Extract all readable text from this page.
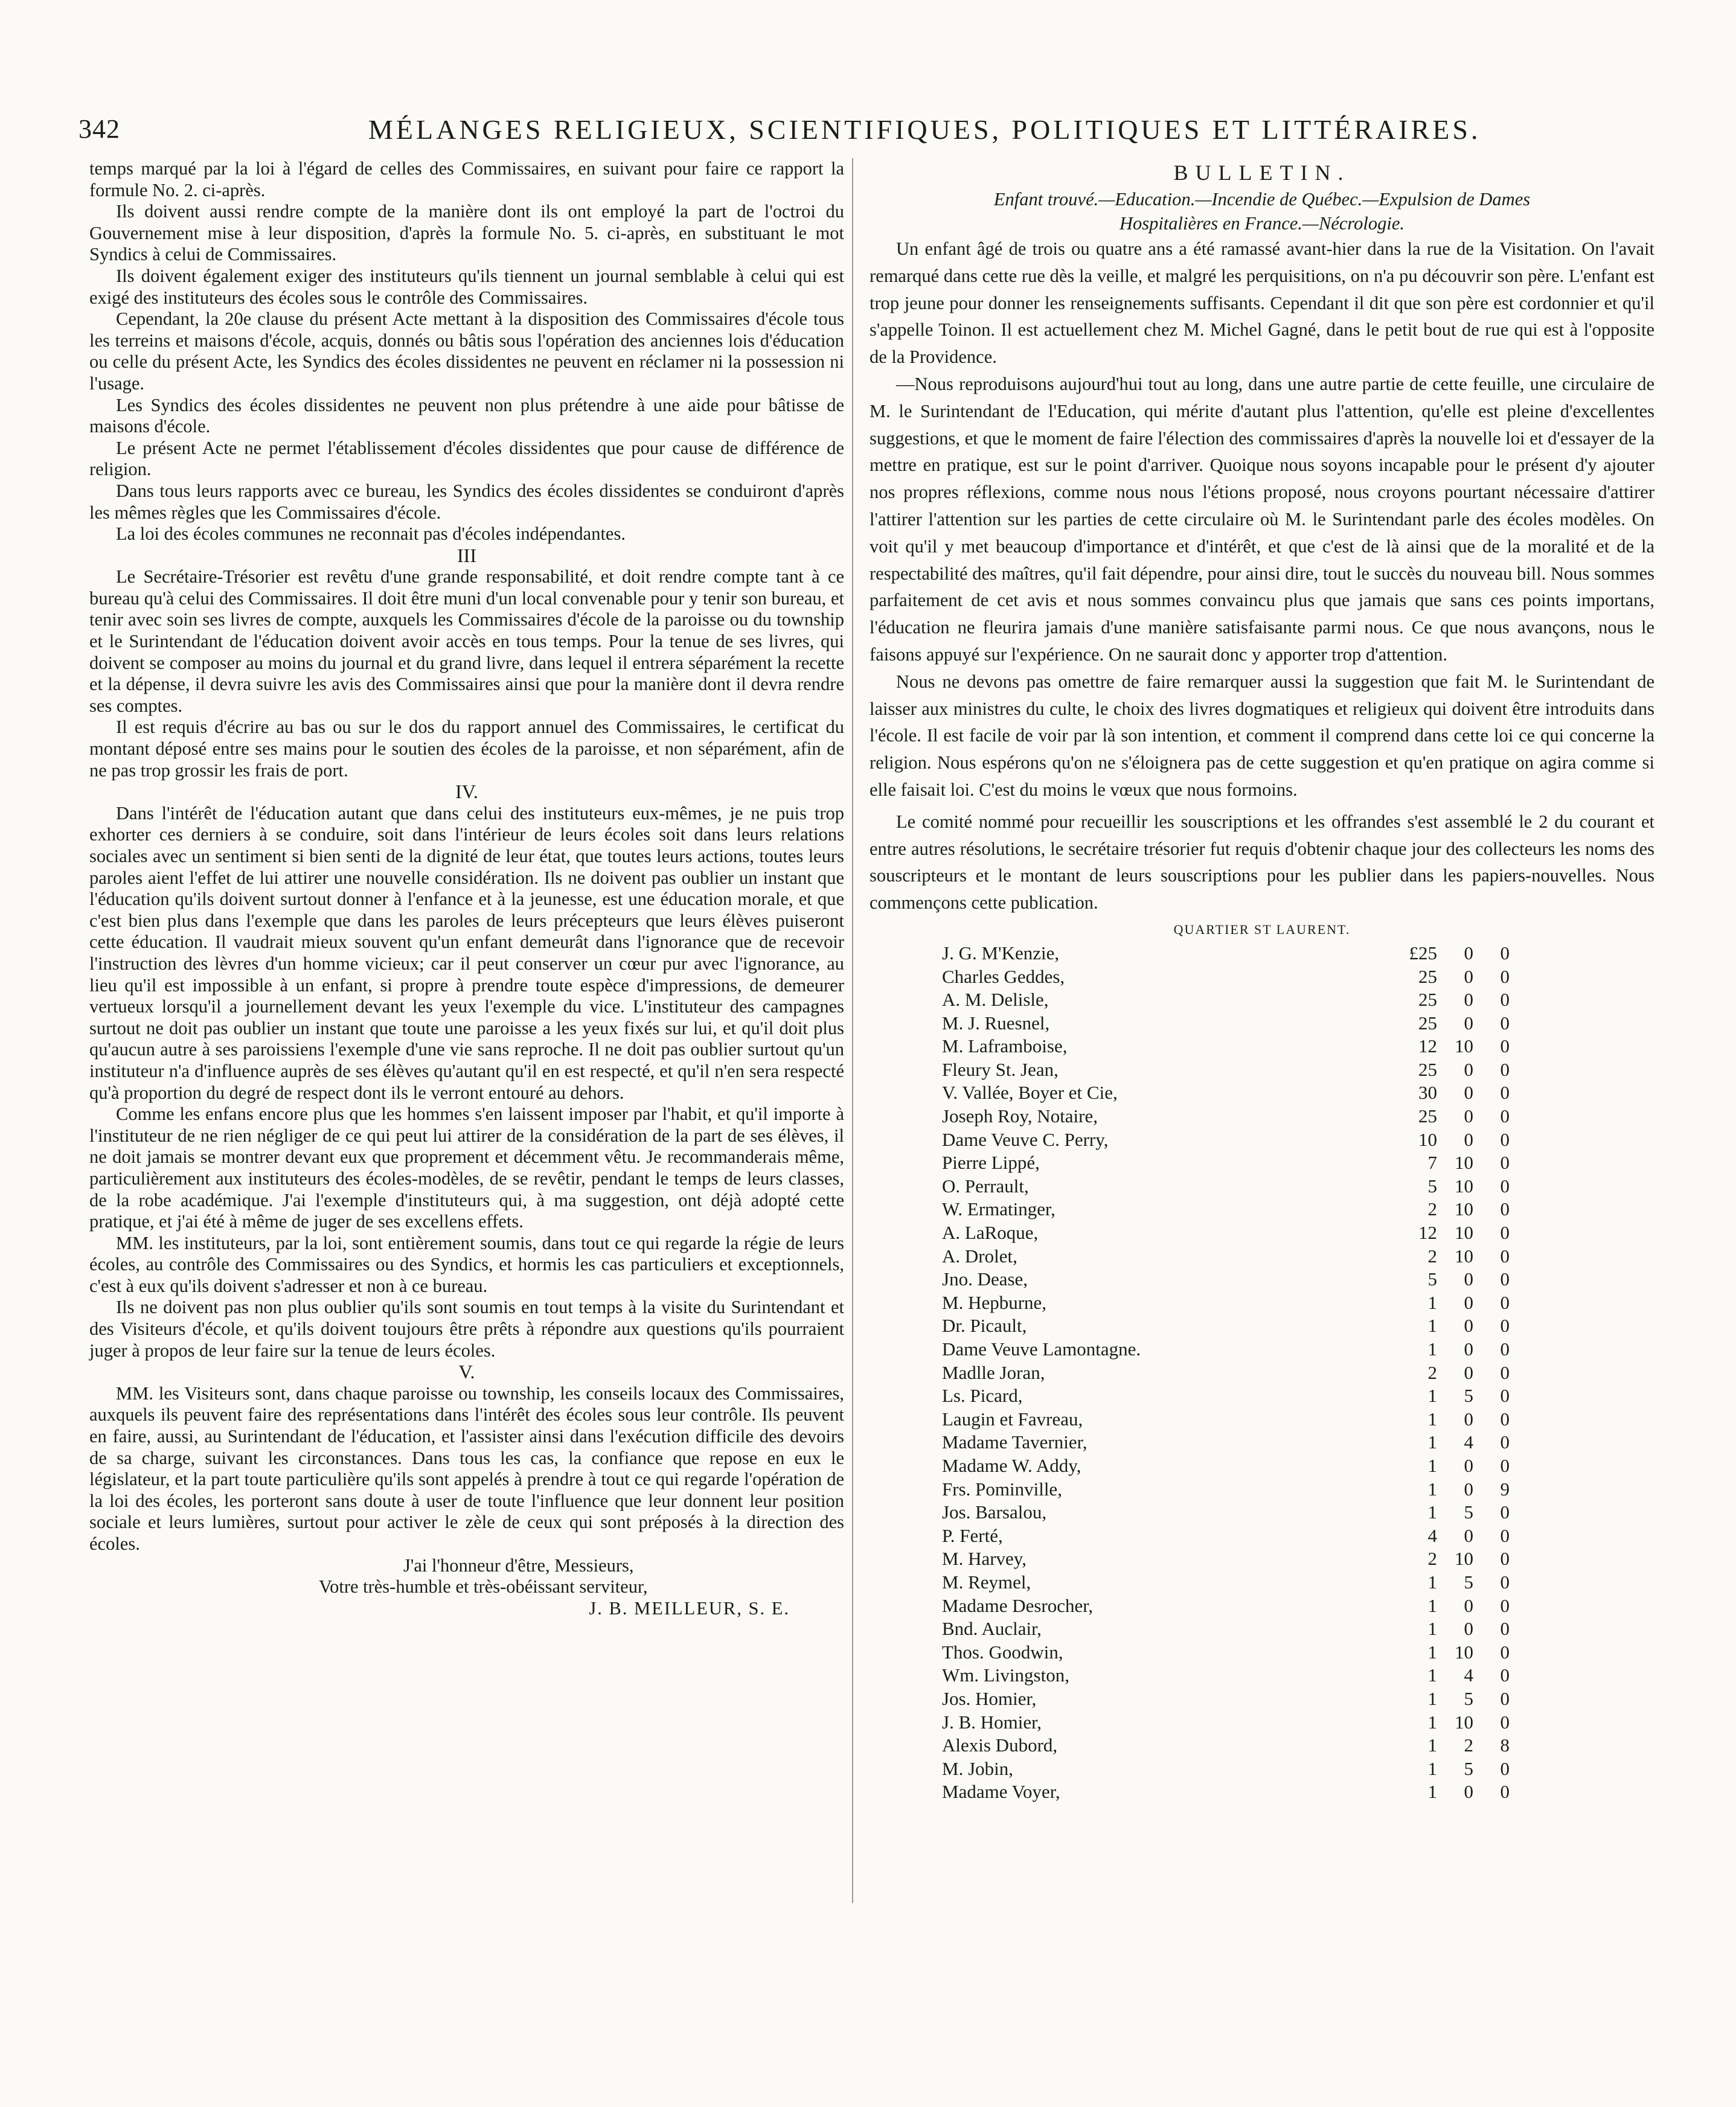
342	MÉLANGES RELIGIEUX, SCIENTIFIQUES, POLITIQUES ET LITTÉRAIRES.

temps marqué par la loi à l'égard de celles des Commissaires, en suivant pour faire ce rapport la formule No. 2. ci-après.

Ils doivent aussi rendre compte de la manière dont ils ont employé la part de l'octroi du Gouvernement mise à leur disposition, d'après la formule No. 5. ci-après, en substituant le mot Syndics à celui de Commissaires.

Ils doivent également exiger des instituteurs qu'ils tiennent un journal semblable à celui qui est exigé des instituteurs des écoles sous le contrôle des Commissaires.

Cependant, la 20e clause du présent Acte mettant à la disposition des Commissaires d'école tous les terreins et maisons d'école, acquis, donnés ou bâtis sous l'opération des anciennes lois d'éducation ou celle du présent Acte, les Syndics des écoles dissidentes ne peuvent en réclamer ni la possession ni l'usage.

Les Syndics des écoles dissidentes ne peuvent non plus prétendre à une aide pour bâtisse de maisons d'école.

Le présent Acte ne permet l'établissement d'écoles dissidentes que pour cause de différence de religion.

Dans tous leurs rapports avec ce bureau, les Syndics des écoles dissidentes se conduiront d'après les mêmes règles que les Commissaires d'école.

La loi des écoles communes ne reconnait pas d'écoles indépendantes.

III

Le Secrétaire-Trésorier est revêtu d'une grande responsabilité, et doit rendre compte tant à ce bureau qu'à celui des Commissaires. Il doit être muni d'un local convenable pour y tenir son bureau, et tenir avec soin ses livres de compte, auxquels les Commissaires d'école de la paroisse ou du township et le Surintendant de l'éducation doivent avoir accès en tous temps. Pour la tenue de ses livres, qui doivent se composer au moins du journal et du grand livre, dans lequel il entrera séparément la recette et la dépense, il devra suivre les avis des Commissaires ainsi que pour la manière dont il devra rendre ses comptes.

Il est requis d'écrire au bas ou sur le dos du rapport annuel des Commissaires, le certificat du montant déposé entre ses mains pour le soutien des écoles de la paroisse, et non séparément, afin de ne pas trop grossir les frais de port.

IV.

Dans l'intérêt de l'éducation autant que dans celui des instituteurs eux-mêmes, je ne puis trop exhorter ces derniers à se conduire, soit dans l'intérieur de leurs écoles soit dans leurs relations sociales avec un sentiment si bien senti de la dignité de leur état, que toutes leurs actions, toutes leurs paroles aient l'effet de lui attirer une nouvelle considération. Ils ne doivent pas oublier un instant que l'éducation qu'ils doivent surtout donner à l'enfance et à la jeunesse, est une éducation morale, et que c'est bien plus dans l'exemple que dans les paroles de leurs précepteurs que leurs élèves puiseront cette éducation. Il vaudrait mieux souvent qu'un enfant demeurât dans l'ignorance que de recevoir l'instruction des lèvres d'un homme vicieux; car il peut conserver un cœur pur avec l'ignorance, au lieu qu'il est impossible à un enfant, si propre à prendre toute espèce d'impressions, de demeurer vertueux lorsqu'il a journellement devant les yeux l'exemple du vice. L'instituteur des campagnes surtout ne doit pas oublier un instant que toute une paroisse a les yeux fixés sur lui, et qu'il doit plus qu'aucun autre à ses paroissiens l'exemple d'une vie sans reproche. Il ne doit pas oublier surtout qu'un instituteur n'a d'influence auprès de ses élèves qu'autant qu'il en est respecté, et qu'il n'en sera respecté qu'à proportion du degré de respect dont ils le verront entouré au dehors.

Comme les enfans encore plus que les hommes s'en laissent imposer par l'habit, et qu'il importe à l'instituteur de ne rien négliger de ce qui peut lui attirer de la considération de la part de ses élèves, il ne doit jamais se montrer devant eux que proprement et décemment vêtu. Je recommanderais même, particulièrement aux instituteurs des écoles-modèles, de se revêtir, pendant le temps de leurs classes, de la robe académique. J'ai l'exemple d'instituteurs qui, à ma suggestion, ont déjà adopté cette pratique, et j'ai été à même de juger de ses excellens effets.

MM. les instituteurs, par la loi, sont entièrement soumis, dans tout ce qui regarde la régie de leurs écoles, au contrôle des Commissaires ou des Syndics, et hormis les cas particuliers et exceptionnels, c'est à eux qu'ils doivent s'adresser et non à ce bureau.

Ils ne doivent pas non plus oublier qu'ils sont soumis en tout temps à la visite du Surintendant et des Visiteurs d'école, et qu'ils doivent toujours être prêts à répondre aux questions qu'ils pourraient juger à propos de leur faire sur la tenue de leurs écoles.

V.

MM. les Visiteurs sont, dans chaque paroisse ou township, les conseils locaux des Commissaires, auxquels ils peuvent faire des représentations dans l'intérêt des écoles sous leur contrôle. Ils peuvent en faire, aussi, au Surintendant de l'éducation, et l'assister ainsi dans l'exécution difficile des devoirs de sa charge, suivant les circonstances. Dans tous les cas, la confiance que repose en eux le législateur, et la part toute particulière qu'ils sont appelés à prendre à tout ce qui regarde l'opération de la loi des écoles, les porteront sans doute à user de toute l'influence que leur donnent leur position sociale et leurs lumières, surtout pour activer le zèle de ceux qui sont préposés à la direction des écoles.

J'ai l'honneur d'être, Messieurs,

Votre très-humble et très-obéissant serviteur,

J. B. MEILLEUR, S. E.

BULLETIN.

Enfant trouvé.—Education.—Incendie de Québec.—Expulsion de Dames

Hospitalières en France.—Nécrologie.

Un enfant âgé de trois ou quatre ans a été ramassé avant-hier dans la rue de la Visitation. On l'avait remarqué dans cette rue dès la veille, et malgré les perquisitions, on n'a pu découvrir son père. L'enfant est trop jeune pour donner les renseignements suffisants. Cependant il dit que son père est cordonnier et qu'il s'appelle Toinon. Il est actuellement chez M. Michel Gagné, dans le petit bout de rue qui est à l'opposite de la Providence.

—Nous reproduisons aujourd'hui tout au long, dans une autre partie de cette feuille, une circulaire de M. le Surintendant de l'Education, qui mérite d'autant plus l'attention, qu'elle est pleine d'excellentes suggestions, et que le moment de faire l'élection des commissaires d'après la nouvelle loi et d'essayer de la mettre en pratique, est sur le point d'arriver. Quoique nous soyons incapable pour le présent d'y ajouter nos propres réflexions, comme nous nous l'étions proposé, nous croyons pourtant nécessaire d'attirer l'attirer l'attention sur les parties de cette circulaire où M. le Surintendant parle des écoles modèles. On voit qu'il y met beaucoup d'importance et d'intérêt, et que c'est de là ainsi que de la moralité et de la respectabilité des maîtres, qu'il fait dépendre, pour ainsi dire, tout le succès du nouveau bill. Nous sommes parfaitement de cet avis et nous sommes convaincu plus que jamais que sans ces points importans, l'éducation ne fleurira jamais d'une manière satisfaisante parmi nous. Ce que nous avançons, nous le faisons appuyé sur l'expérience. On ne saurait donc y apporter trop d'attention.

Nous ne devons pas omettre de faire remarquer aussi la suggestion que fait M. le Surintendant de laisser aux ministres du culte, le choix des livres dogmatiques et religieux qui doivent être introduits dans l'école. Il est facile de voir par là son intention, et comment il comprend dans cette loi ce qui concerne la religion. Nous espérons qu'on ne s'éloignera pas de cette suggestion et qu'en pratique on agira comme si elle faisait loi. C'est du moins le vœux que nous formoins.

Le comité nommé pour recueillir les souscriptions et les offrandes s'est assemblé le 2 du courant et entre autres résolutions, le secrétaire trésorier fut requis d'obtenir chaque jour des collecteurs les noms des souscripteurs et le montant de leurs souscriptions pour les publier dans les papiers-nouvelles. Nous commençons cette publication.

QUARTIER ST LAURENT.

J. G. M'Kenzie,	£25	0	0
Charles Geddes,	25	0	0
A. M. Delisle,	25	0	0
M. J. Ruesnel,	25	0	0
M. Laframboise,	12 10	0
Fleury St. Jean,	25	0	0
V. Vallée, Boyer et Cie,	30	0	0
Joseph Roy, Notaire,	25	0	0
Dame Veuve C. Perry,	10	0	0
Pierre Lippé,	7 10	0
O. Perrault,	5 10	0
W. Ermatinger,	2 10	0
A. LaRoque,	12 10	0
A. Drolet,	2 10	0
Jno. Dease,	5	0	0
M. Hepburne,	1	0	0
Dr. Picault,	1	0	0
Dame Veuve Lamontagne.	1	0	0
Madlle Joran,	2	0	0
Ls. Picard,	1	5	0
Laugin et Favreau,	1	0	0
Madame Tavernier,	1	4	0
Madame W. Addy,	1	0	0
Frs. Pominville,	1	0	9
Jos. Barsalou,	1	5	0
P. Ferté,	4	0	0
M. Harvey,	2 10	0
M. Reymel,	1	5	0
Madame Desrocher,	1	0	0
Bnd. Auclair,	1	0	0
Thos. Goodwin,	1 10	0
Wm. Livingston,	1	4	0
Jos. Homier,	1	5	0
J. B. Homier,	1 10	0
Alexis Dubord,	1	2	8
M. Jobin,	1	5	0
Madame Voyer,	1	0	0
